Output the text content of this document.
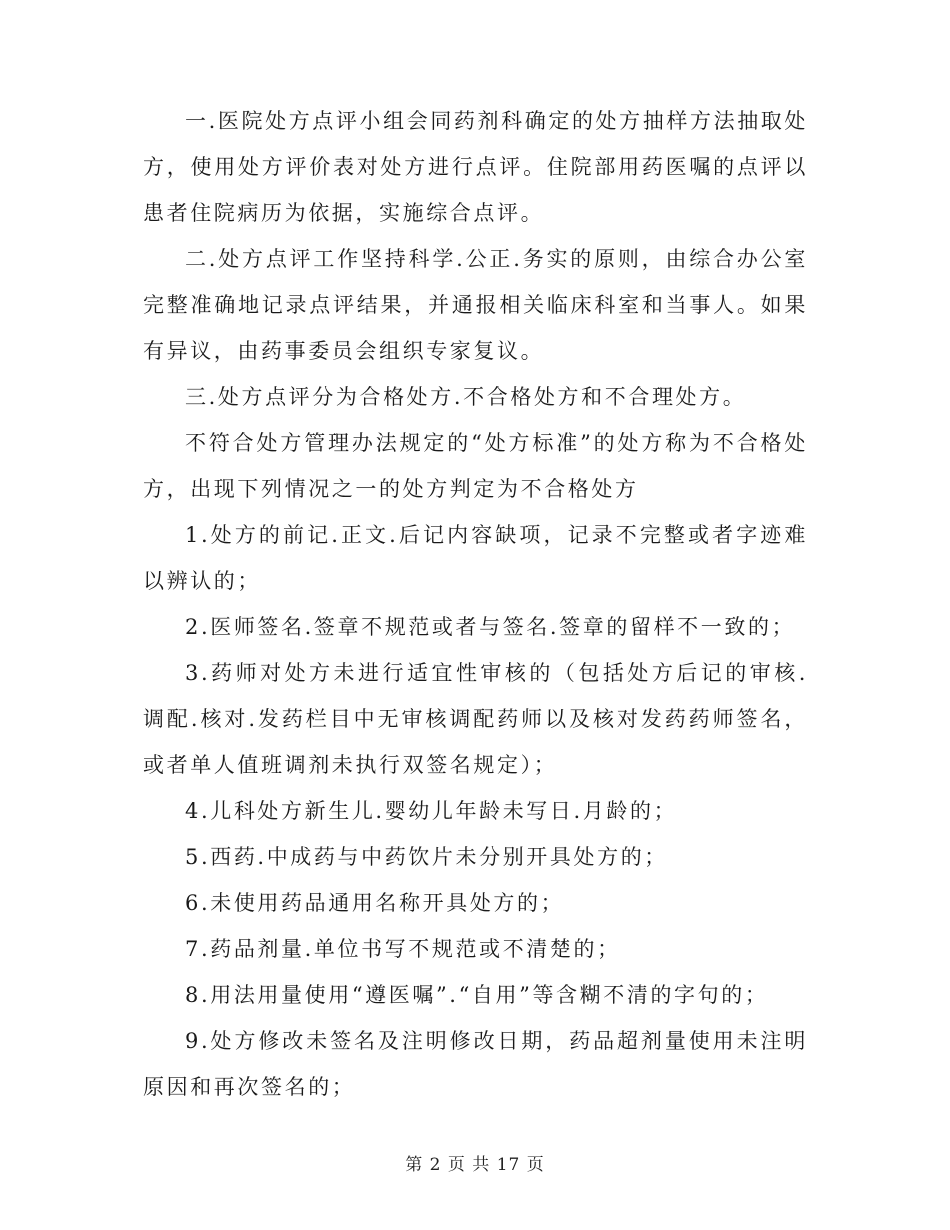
一.医院处方点评小组会同药剂科确定的处方抽样方法抽取处方，使用处方评价表对处方进行点评。住院部用药医嘱的点评以患者住院病历为依据，实施综合点评。

二.处方点评工作坚持科学.公正.务实的原则，由综合办公室完整准确地记录点评结果，并通报相关临床科室和当事人。如果有异议，由药事委员会组织专家复议。

三.处方点评分为合格处方.不合格处方和不合理处方。

不符合处方管理办法规定的“处方标准”的处方称为不合格处方，出现下列情况之一的处方判定为不合格处方

1.处方的前记.正文.后记内容缺项，记录不完整或者字迹难以辨认的；

2.医师签名.签章不规范或者与签名.签章的留样不一致的；

3.药师对处方未进行适宜性审核的（包括处方后记的审核.调配.核对.发药栏目中无审核调配药师以及核对发药药师签名，或者单人值班调剂未执行双签名规定）；

4.儿科处方新生儿.婴幼儿年龄未写日.月龄的；

5.西药.中成药与中药饮片未分别开具处方的；

6.未使用药品通用名称开具处方的；

7.药品剂量.单位书写不规范或不清楚的；

8.用法用量使用“遵医嘱”.“自用”等含糊不清的字句的；

9.处方修改未签名及注明修改日期，药品超剂量使用未注明原因和再次签名的；

第 2 页 共 17 页
